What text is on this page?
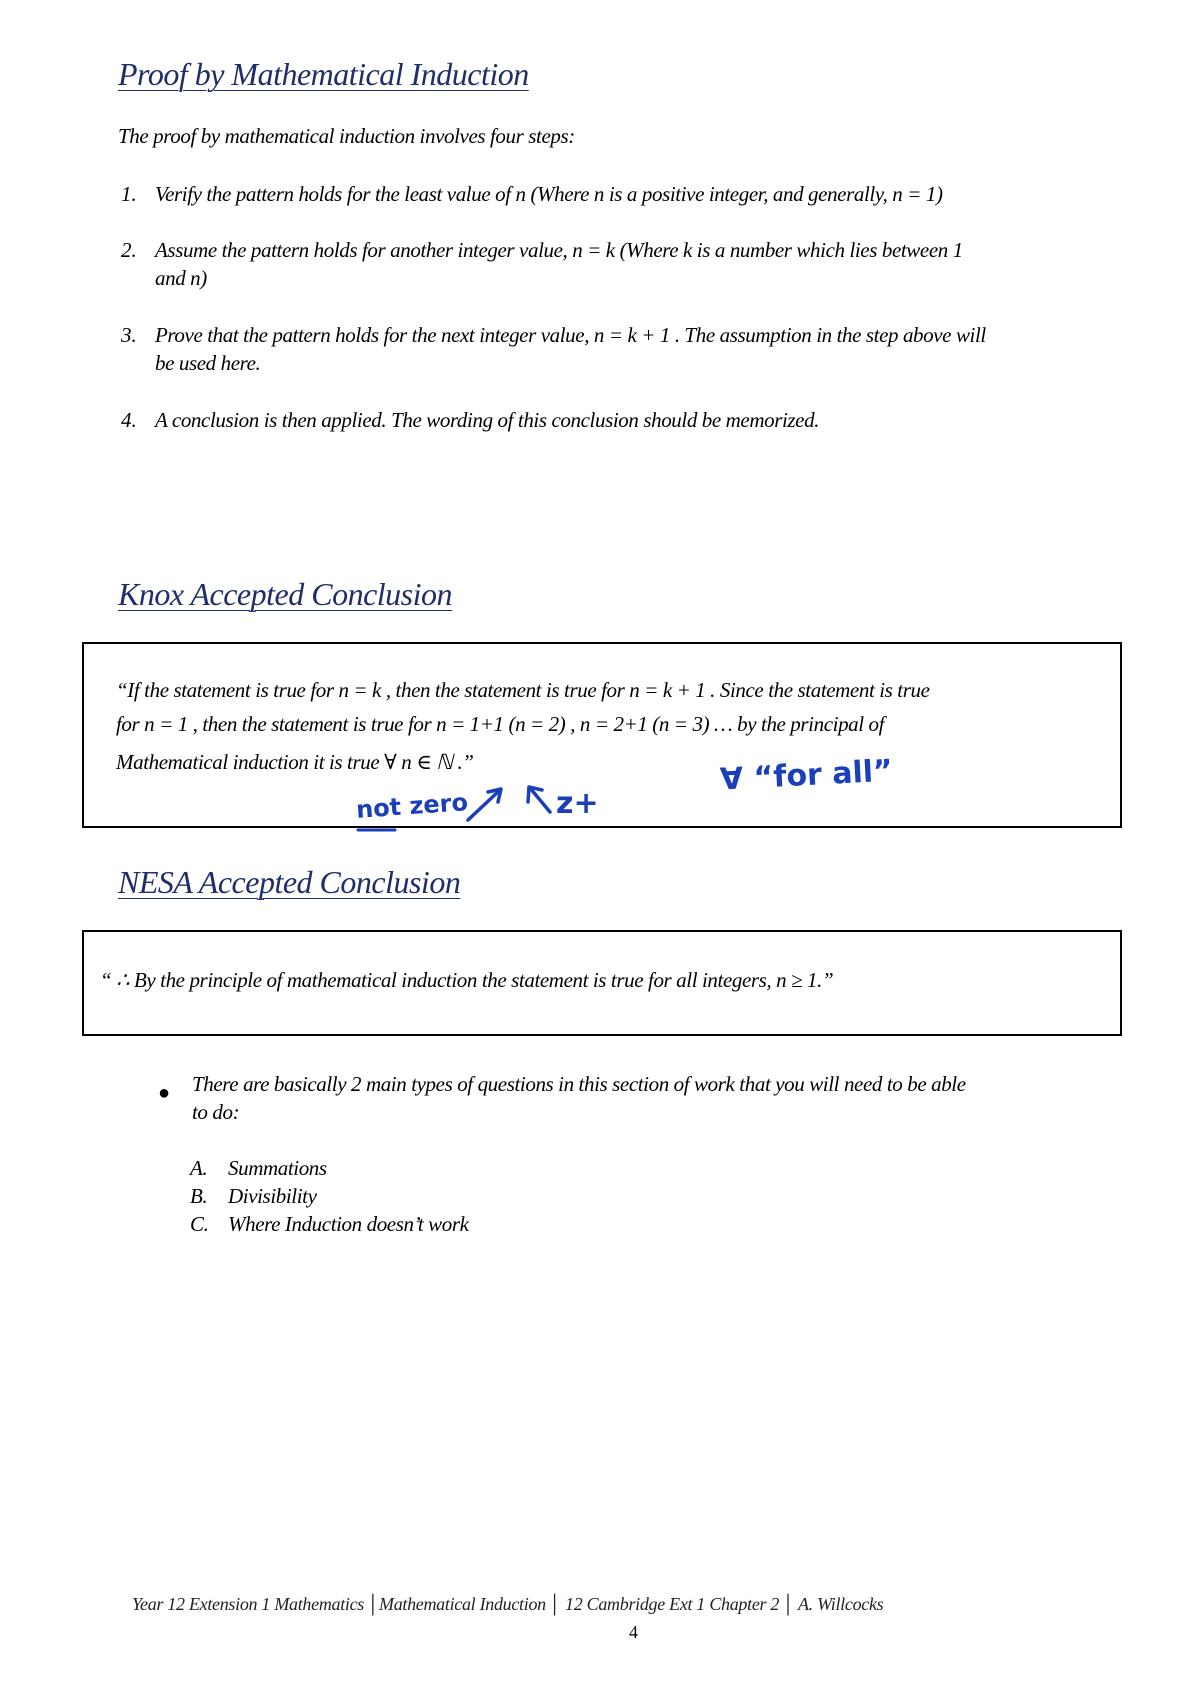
Proof by Mathematical Induction
The proof by mathematical induction involves four steps:
1. Verify the pattern holds for the least value of n (Where n is a positive integer, and generally, n = 1)
2. Assume the pattern holds for another integer value, n = k (Where k is a number which lies between 1
and n)
3. Prove that the pattern holds for the next integer value, n = k + 1 . The assumption in the step above will
be used here.
4. A conclusion is then applied. The wording of this conclusion should be memorized.
Knox Accepted Conclusion
“If the statement is true for n = k , then the statement is true for n = k + 1 . Since the statement is true
for n = 1 , then the statement is true for n = 1+1 (n = 2) , n = 2+1 (n = 3) … by the principal of
Mathematical induction it is true ∀ n ∈ ℕ .”
not zero	z+
∀ “for all”
NESA Accepted Conclusion
“ ∴ By the principle of mathematical induction the statement is true for all integers, n ≥ 1.”
● There are basically 2 main types of questions in this section of work that you will need to be able
to do:
A. Summations
B. Divisibility
C. Where Induction doesn’t work
Year 12 Extension 1 Mathematics │Mathematical Induction │ 12 Cambridge Ext 1 Chapter 2 │ A. Willcocks
4
